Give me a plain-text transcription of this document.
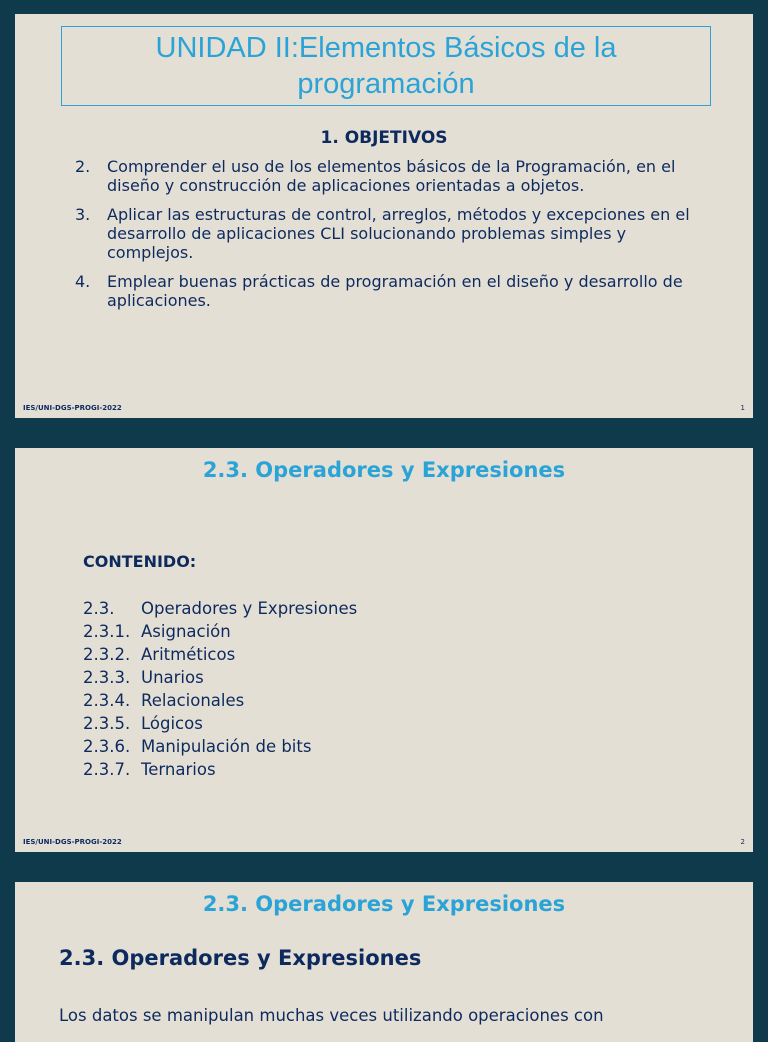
UNIDAD II:Elementos Básicos de la programación
1. OBJETIVOS
2.	Comprender el uso de los elementos básicos de la Programación, en el diseño y construcción de aplicaciones orientadas a objetos.
3.	Aplicar las estructuras de control, arreglos, métodos y excepciones en el desarrollo de aplicaciones CLI solucionando problemas simples y complejos.
4.	Emplear buenas prácticas de programación en el diseño y desarrollo de aplicaciones.
IES/UNI-DGS-PROGI-2022	1
2.3. Operadores y Expresiones

CONTENIDO:

2.3.	Operadores y Expresiones
2.3.1. Asignación
2.3.2. Aritméticos
2.3.3. Unarios
2.3.4. Relacionales
2.3.5. Lógicos
2.3.6. Manipulación de bits
2.3.7. Ternarios
IES/UNI-DGS-PROGI-2022	2
2.3. Operadores y Expresiones
2.3. Operadores y Expresiones

Los datos se manipulan muchas veces utilizando operaciones con
